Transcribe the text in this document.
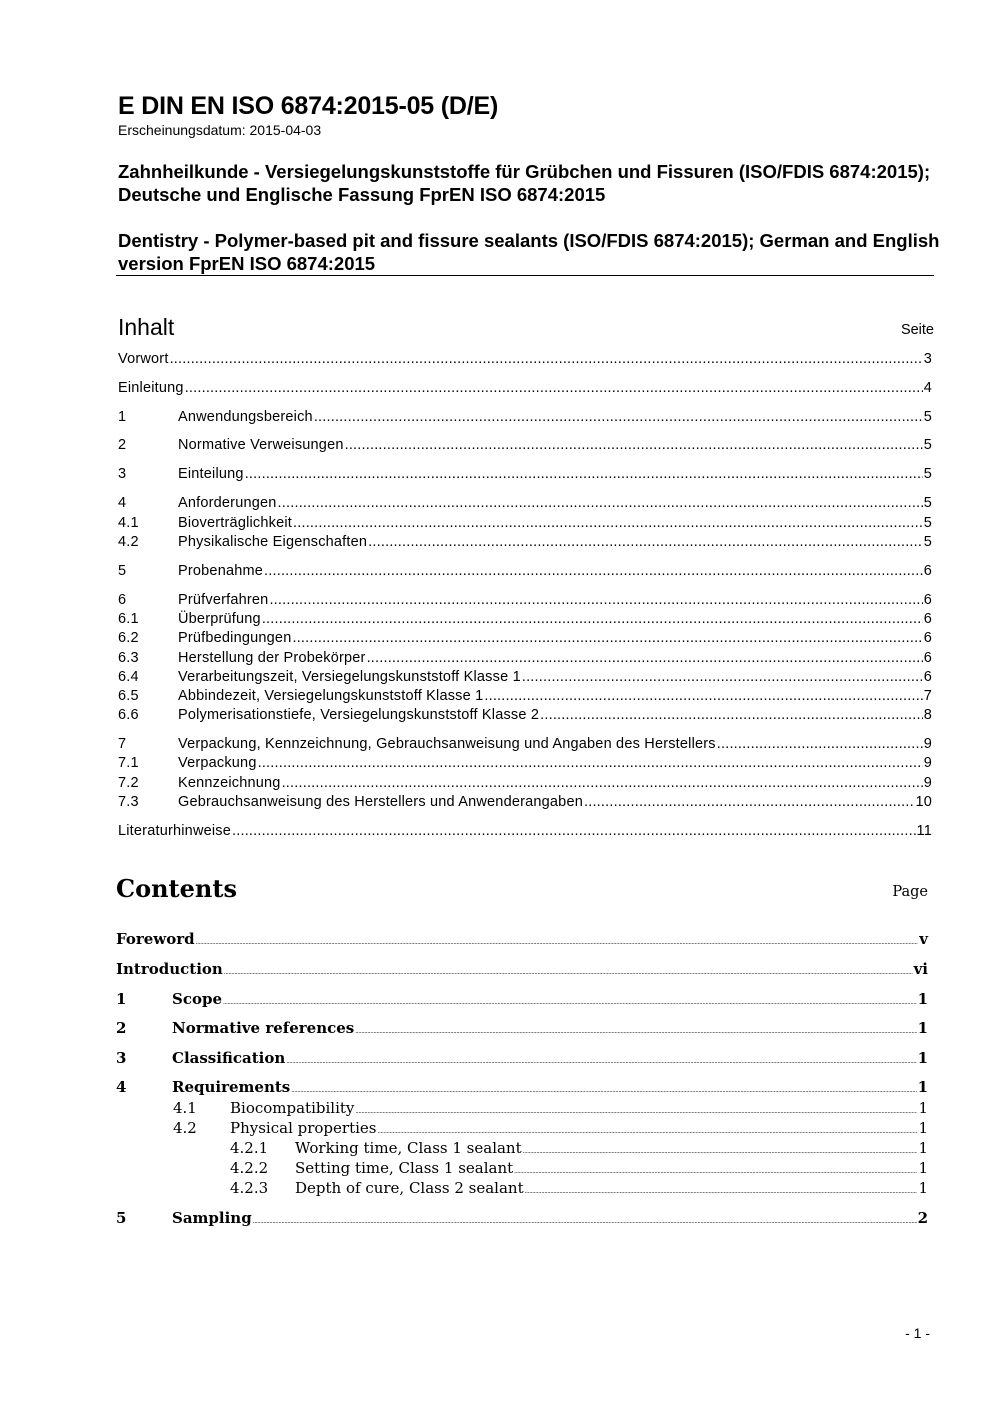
E DIN EN ISO 6874:2015-05 (D/E)
Erscheinungsdatum: 2015-04-03
Zahnheilkunde - Versiegelungskunststoffe für Grübchen und Fissuren (ISO/FDIS 6874:2015); Deutsche und Englische Fassung FprEN ISO 6874:2015
Dentistry - Polymer-based pit and fissure sealants (ISO/FDIS 6874:2015); German and English version FprEN ISO 6874:2015
Inhalt	Seite
Vorwort .....	3
Einleitung .....	4
1	Anwendungsbereich .....	5
2	Normative Verweisungen .....	5
3	Einteilung .....	5
4	Anforderungen .....	5
4.1	Bioverträglichkeit .....	5
4.2	Physikalische Eigenschaften .....	5
5	Probenahme .....	6
6	Prüfverfahren .....	6
6.1	Überprüfung .....	6
6.2	Prüfbedingungen .....	6
6.3	Herstellung der Probekörper .....	6
6.4	Verarbeitungszeit, Versiegelungskunststoff Klasse 1 .....	6
6.5	Abbindezeit, Versiegelungskunststoff Klasse 1 .....	7
6.6	Polymerisationstiefe, Versiegelungskunststoff Klasse 2 .....	8
7	Verpackung, Kennzeichnung, Gebrauchsanweisung und Angaben des Herstellers .....	9
7.1	Verpackung .....	9
7.2	Kennzeichnung .....	9
7.3	Gebrauchsanweisung des Herstellers und Anwenderangaben .....	10
Literaturhinweise .....	11
Contents	Page
Foreword .....	v
Introduction .....	vi
1	Scope .....	1
2	Normative references .....	1
3	Classification .....	1
4	Requirements .....	1
4.1	Biocompatibility .....	1
4.2	Physical properties .....	1
4.2.1	Working time, Class 1 sealant .....	1
4.2.2	Setting time, Class 1 sealant .....	1
4.2.3	Depth of cure, Class 2 sealant .....	1
5	Sampling .....	2
- 1 -
